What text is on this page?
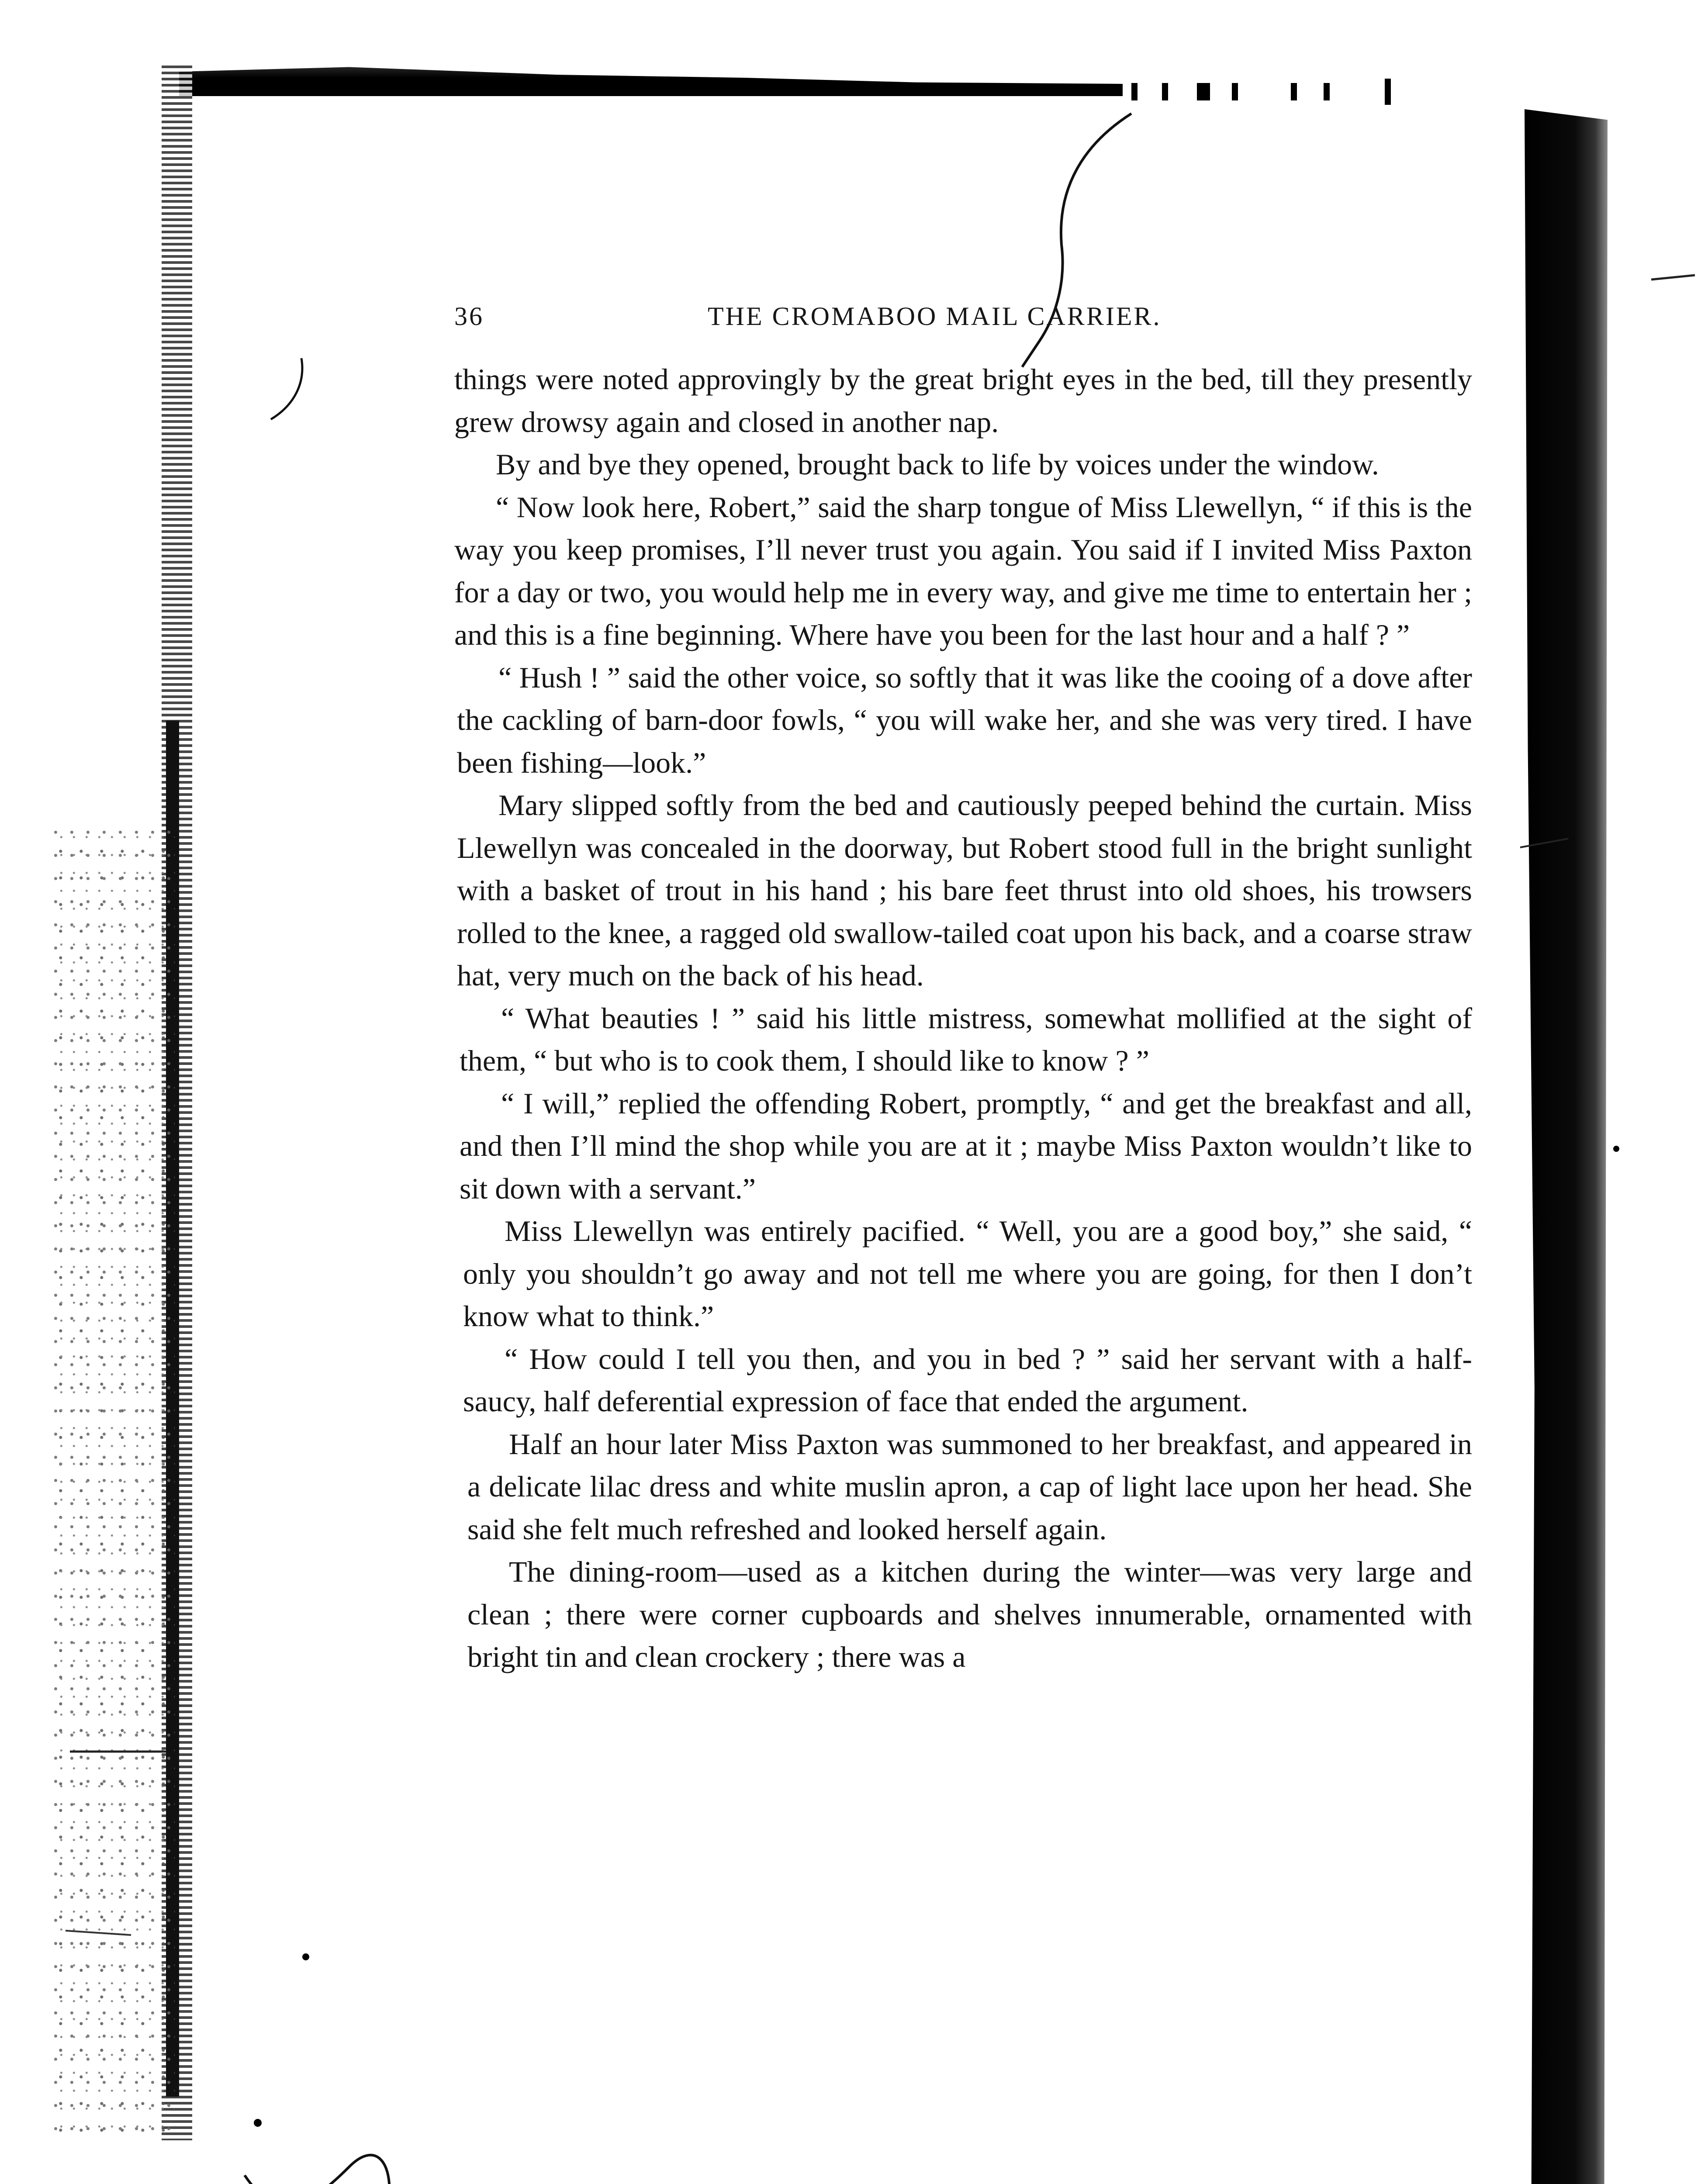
36	THE CROMABOO MAIL CARRIER.

things were noted approvingly by the great bright eyes in the bed, till they presently grew drowsy again and closed in another nap.

By and bye they opened, brought back to life by voices under the window.

“ Now look here, Robert,” said the sharp tongue of Miss Llewellyn, “ if this is the way you keep promises, I’ll never trust you again. You said if I invited Miss Paxton for a day or two, you would help me in every way, and give me time to entertain her ; and this is a fine beginning. Where have you been for the last hour and a half ? ”

“ Hush ! ” said the other voice, so softly that it was like the cooing of a dove after the cackling of barn-door fowls, “ you will wake her, and she was very tired. I have been fishing—look.”

Mary slipped softly from the bed and cautiously peeped behind the curtain. Miss Llewellyn was concealed in the doorway, but Robert stood full in the bright sunlight with a basket of trout in his hand ; his bare feet thrust into old shoes, his trowsers rolled to the knee, a ragged old swallow-tailed coat upon his back, and a coarse straw hat, very much on the back of his head.

“ What beauties ! ” said his little mistress, somewhat mollified at the sight of them, “ but who is to cook them, I should like to know ? ”

“ I will,” replied the offending Robert, promptly, “ and get the breakfast and all, and then I’ll mind the shop while you are at it ; maybe Miss Paxton wouldn’t like to sit down with a servant.”

Miss Llewellyn was entirely pacified. “ Well, you are a good boy,” she said, “ only you shouldn’t go away and not tell me where you are going, for then I don’t know what to think.”

“ How could I tell you then, and you in bed ? ” said her servant with a half-saucy, half deferential expression of face that ended the argument.

Half an hour later Miss Paxton was summoned to her breakfast, and appeared in a delicate lilac dress and white muslin apron, a cap of light lace upon her head. She said she felt much refreshed and looked herself again.

The dining-room—used as a kitchen during the winter—was very large and clean ; there were corner cupboards and shelves innumerable, ornamented with bright tin and clean crockery ; there was a
